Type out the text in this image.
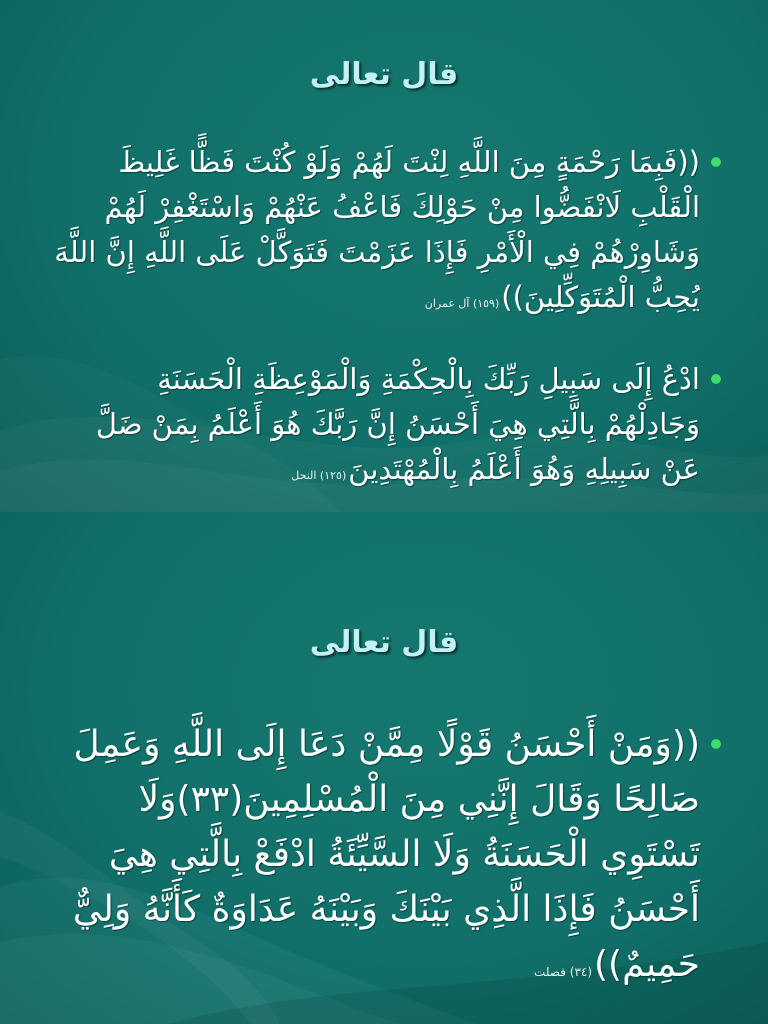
قال تعالى
((فَبِمَا رَحْمَةٍ مِنَ اللَّهِ لِنْتَ لَهُمْ وَلَوْ كُنْتَ فَظًّا غَلِيظَ
الْقَلْبِ لَانْفَضُّوا مِنْ حَوْلِكَ فَاعْفُ عَنْهُمْ وَاسْتَغْفِرْ لَهُمْ
وَشَاوِرْهُمْ فِي الْأَمْرِ فَإِذَا عَزَمْتَ فَتَوَكَّلْ عَلَى اللَّهِ إِنَّ اللَّهَ
يُحِبُّ الْمُتَوَكِّلِينَ))(١٥٩) آل عمران
ادْعُ إِلَى سَبِيلِ رَبِّكَ بِالْحِكْمَةِ وَالْمَوْعِظَةِ الْحَسَنَةِ
وَجَادِلْهُمْ بِالَّتِي هِيَ أَحْسَنُ إِنَّ رَبَّكَ هُوَ أَعْلَمُ بِمَنْ ضَلَّ
عَنْ سَبِيلِهِ وَهُوَ أَعْلَمُ بِالْمُهْتَدِينَ(١٢٥) النحل
قال تعالى
((وَمَنْ أَحْسَنُ قَوْلًا مِمَّنْ دَعَا إِلَى اللَّهِ وَعَمِلَ
صَالِحًا وَقَالَ إِنَّنِي مِنَ الْمُسْلِمِينَ(٣٣)وَلَا
تَسْتَوِي الْحَسَنَةُ وَلَا السَّيِّئَةُ ادْفَعْ بِالَّتِي هِيَ
أَحْسَنُ فَإِذَا الَّذِي بَيْنَكَ وَبَيْنَهُ عَدَاوَةٌ كَأَنَّهُ وَلِيٌّ
حَمِيمٌ))(٣٤) فصلت
